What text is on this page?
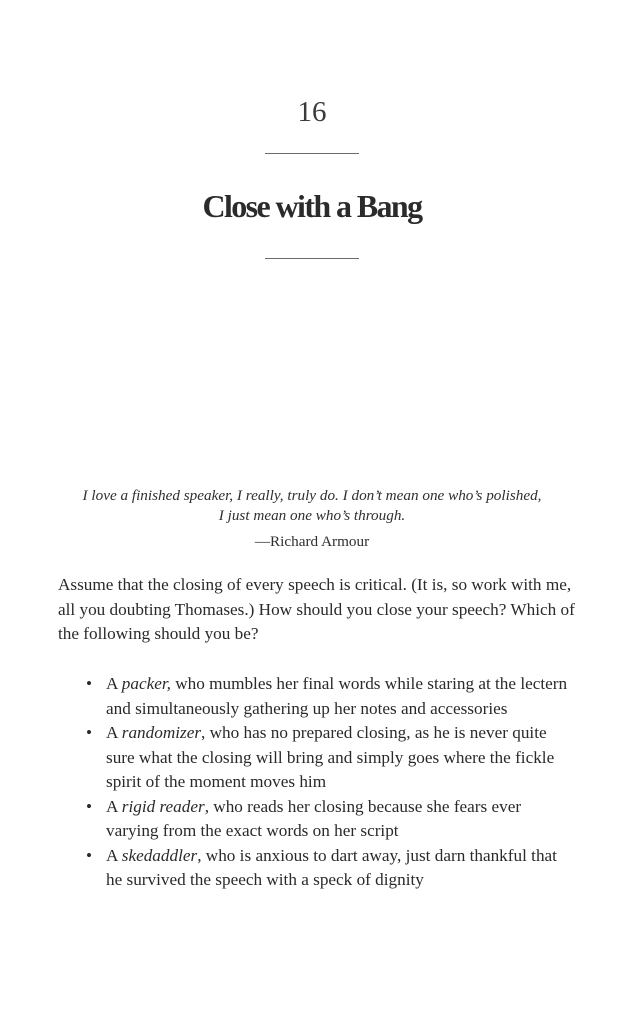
16
Close with a Bang
I love a finished speaker, I really, truly do. I don’t mean one who’s polished, I just mean one who’s through.
—Richard Armour
Assume that the closing of every speech is critical. (It is, so work with me, all you doubting Thomases.) How should you close your speech? Which of the following should you be?
• A packer, who mumbles her final words while staring at the lectern and simultaneously gathering up her notes and accessories
• A randomizer, who has no prepared closing, as he is never quite sure what the closing will bring and simply goes where the fickle spirit of the moment moves him
• A rigid reader, who reads her closing because she fears ever varying from the exact words on her script
• A skedaddler, who is anxious to dart away, just darn thankful that he survived the speech with a speck of dignity
